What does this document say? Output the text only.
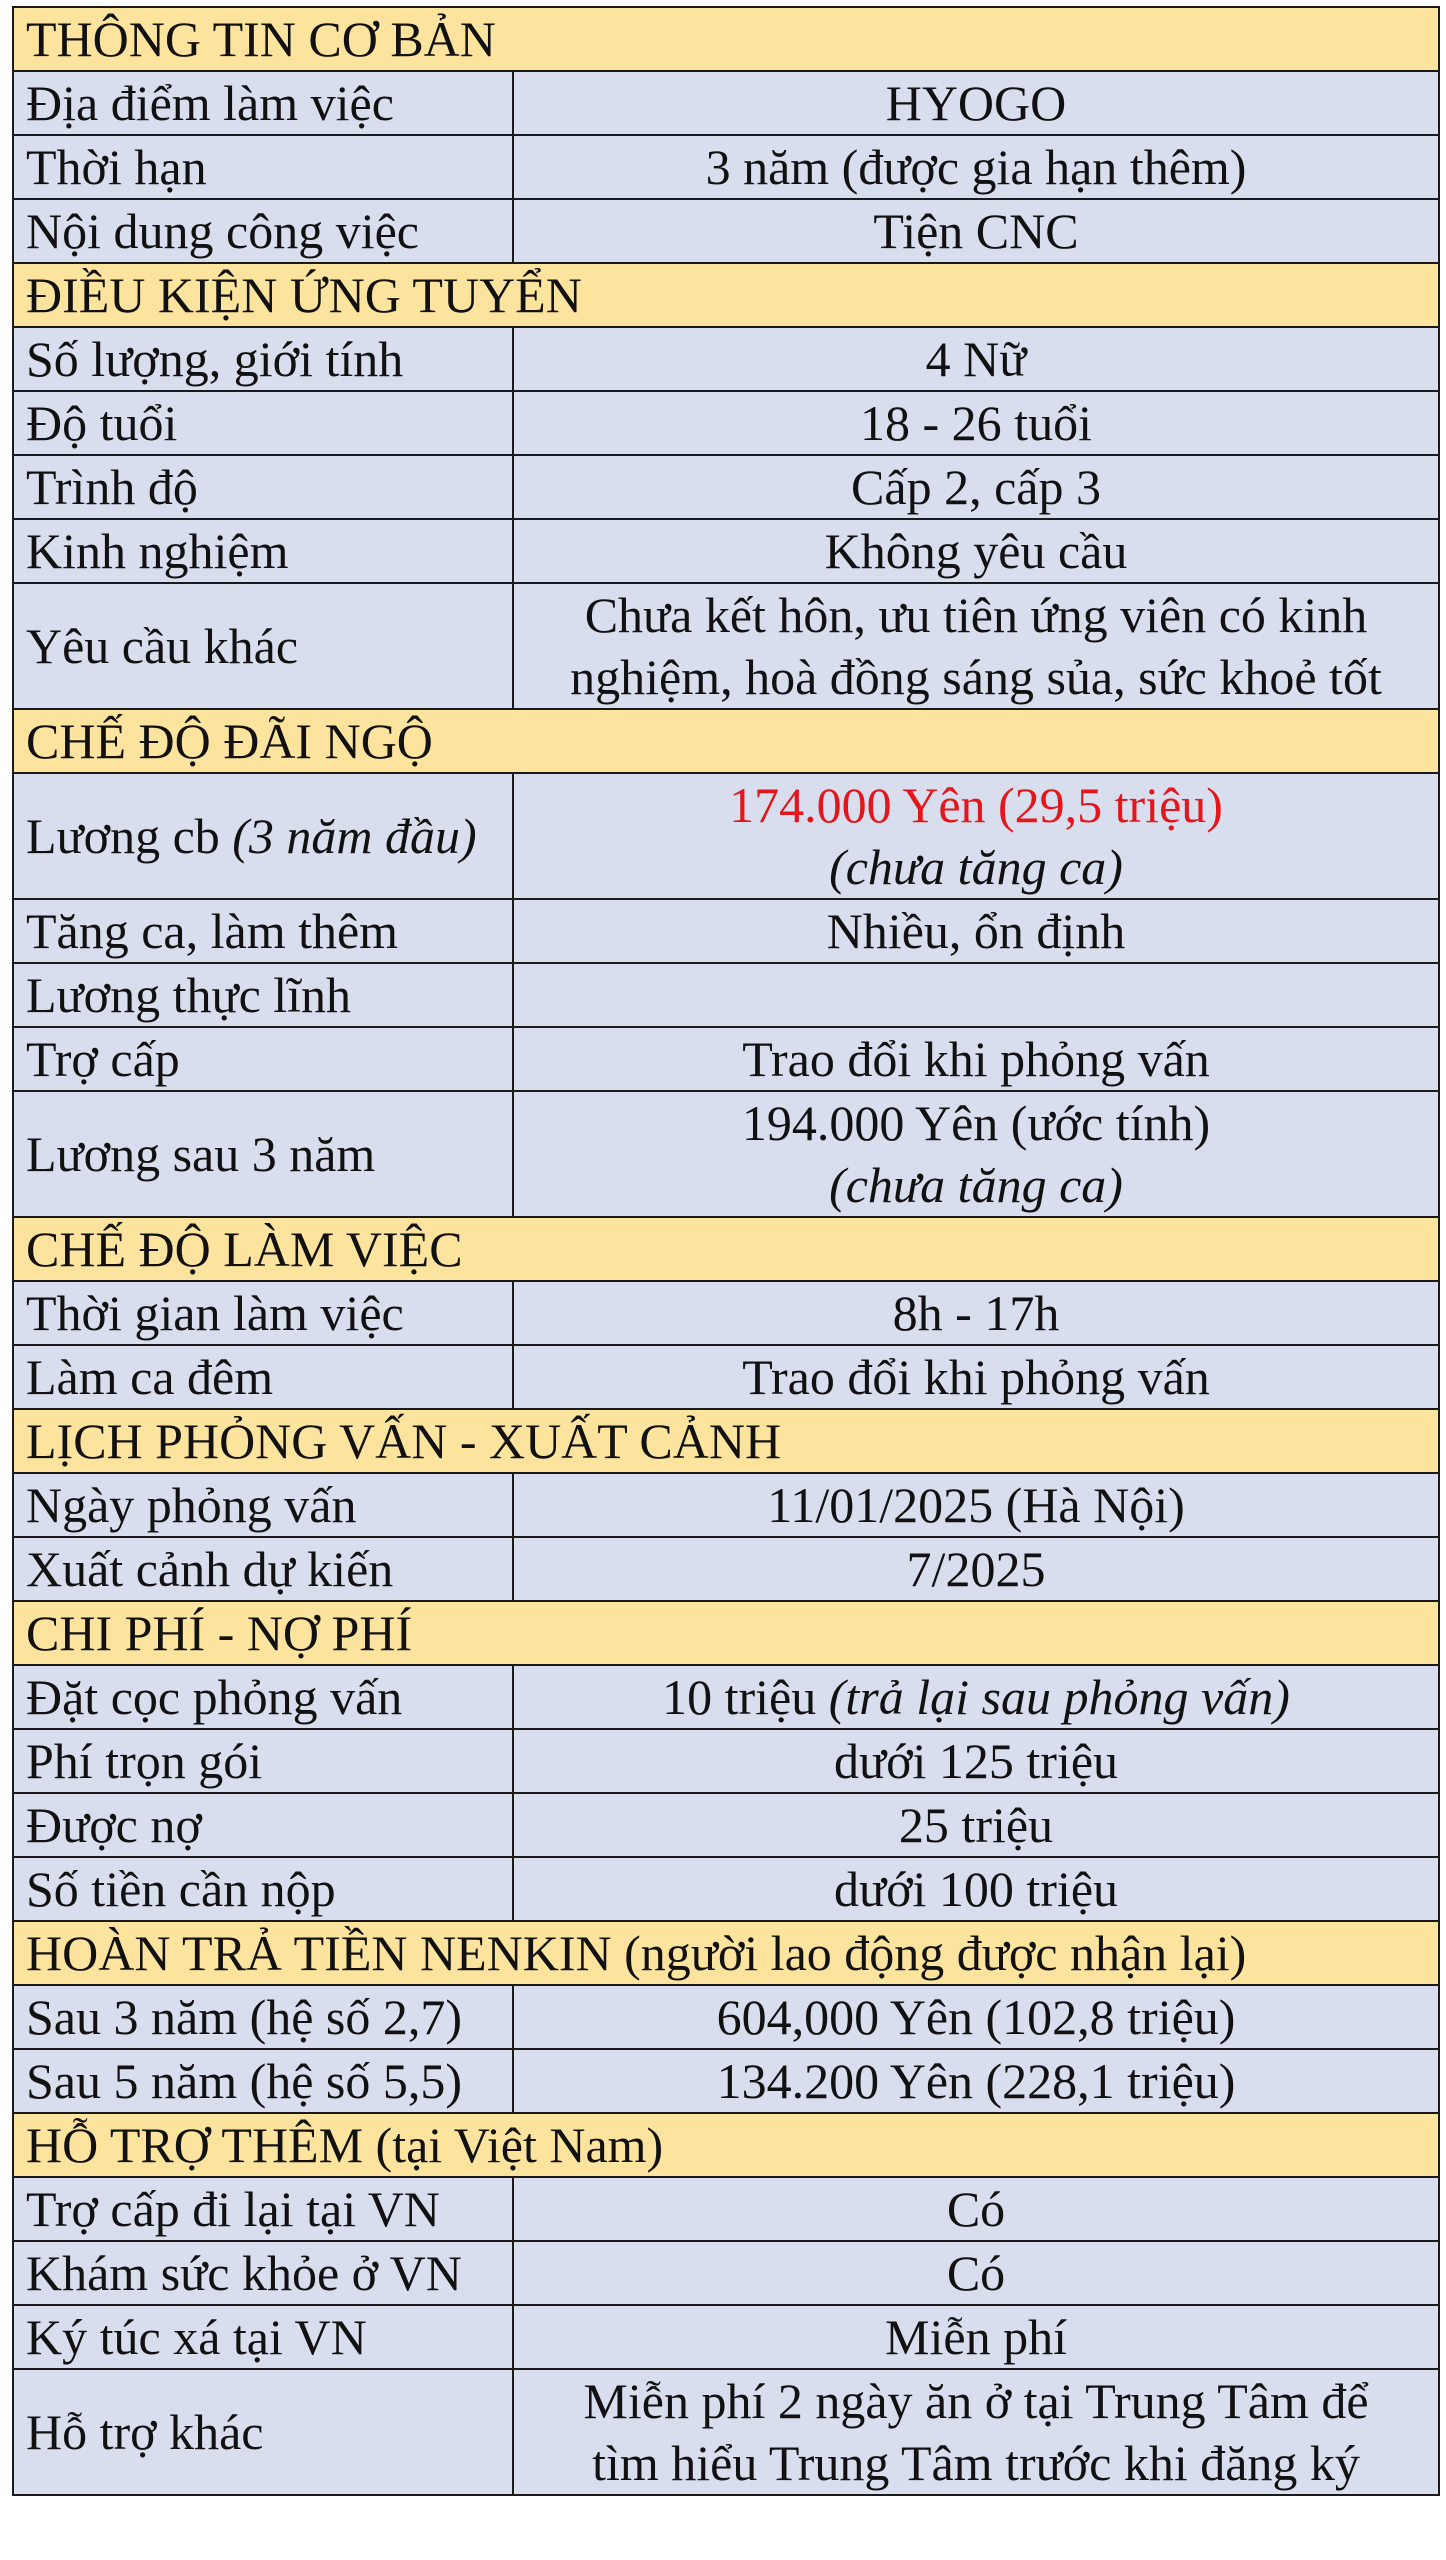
THÔNG TIN CƠ BẢN	
Địa điểm làm việc	HYOGO
Thời hạn	3 năm (được gia hạn thêm)
Nội dung công việc	Tiện CNC
ĐIỀU KIỆN ỨNG TUYỂN	
Số lượng, giới tính	4 Nữ
Độ tuổi	18 - 26 tuổi
Trình độ	Cấp 2, cấp 3
Kinh nghiệm	Không yêu cầu
Yêu cầu khác	Chưa kết hôn, ưu tiên ứng viên có kinh
nghiệm, hoà đồng sáng sủa, sức khoẻ tốt

CHẾ ĐỘ ĐÃI NGỘ	
Lương cb (3 năm đầu)	174.000 Yên (29,5 triệu)
(chưa tăng ca)

Tăng ca, làm thêm	Nhiều, ổn định
Lương thực lĩnh	
Trợ cấp	Trao đổi khi phỏng vấn
Lương sau 3 năm	194.000 Yên (ước tính)
(chưa tăng ca)

CHẾ ĐỘ LÀM VIỆC	
Thời gian làm việc	8h - 17h
Làm ca đêm	Trao đổi khi phỏng vấn
LỊCH PHỎNG VẤN - XUẤT CẢNH	
Ngày phỏng vấn	11/01/2025 (Hà Nội)
Xuất cảnh dự kiến	7/2025
CHI PHÍ - NỢ PHÍ	
Đặt cọc phỏng vấn	10 triệu (trả lại sau phỏng vấn)
Phí trọn gói	dưới 125 triệu
Được nợ	25 triệu
Số tiền cần nộp	dưới 100 triệu
HOÀN TRẢ TIỀN NENKIN (người lao động được nhận lại)	
Sau 3 năm (hệ số 2,7)	604,000 Yên (102,8 triệu)
Sau 5 năm (hệ số 5,5)	134.200 Yên (228,1 triệu)
HỖ TRỢ THÊM (tại Việt Nam)	
Trợ cấp đi lại tại VN	Có
Khám sức khỏe ở VN	Có
Ký túc xá tại VN	Miễn phí
Hỗ trợ khác	Miễn phí 2 ngày ăn ở tại Trung Tâm để
tìm hiểu Trung Tâm trước khi đăng ký
